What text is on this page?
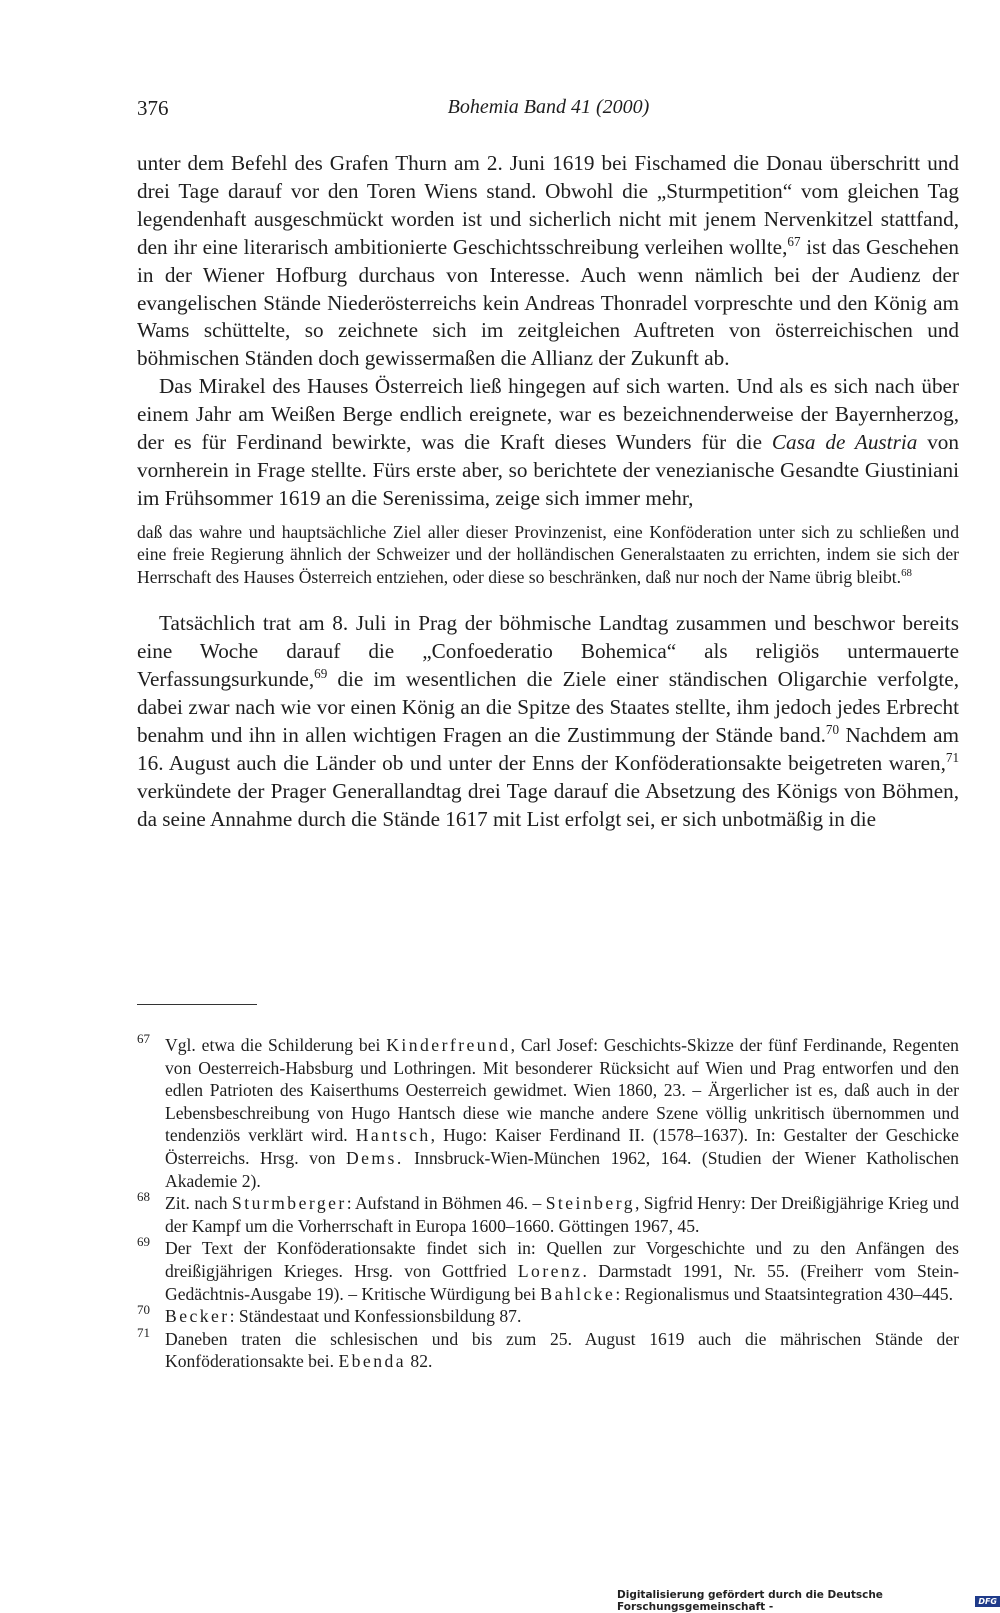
376	Bohemia Band 41 (2000)

unter dem Befehl des Grafen Thurn am 2. Juni 1619 bei Fischamed die Donau überschritt und drei Tage darauf vor den Toren Wiens stand. Obwohl die „Sturmpetition“ vom gleichen Tag legendenhaft ausgeschmückt worden ist und sicherlich nicht mit jenem Nervenkitzel stattfand, den ihr eine literarisch ambitionierte Geschichtsschreibung verleihen wollte,$^{67}$ ist das Geschehen in der Wiener Hofburg durchaus von Interesse. Auch wenn nämlich bei der Audienz der evangelischen Stände Niederösterreichs kein Andreas Thonradel vorpreschte und den König am Wams schüttelte, so zeichnete sich im zeitgleichen Auftreten von österreichischen und böhmischen Ständen doch gewissermaßen die Allianz der Zukunft ab.

Das Mirakel des Hauses Österreich ließ hingegen auf sich warten. Und als es sich nach über einem Jahr am Weißen Berge endlich ereignete, war es bezeichnenderweise der Bayernherzog, der es für Ferdinand bewirkte, was die Kraft dieses Wunders für die Casa de Austria von vornherein in Frage stellte. Fürs erste aber, so berichtete der venezianische Gesandte Giustiniani im Frühsommer 1619 an die Serenissima, zeige sich immer mehr,

daß das wahre und hauptsächliche Ziel aller dieser Provinzenist, eine Konföderation unter sich zu schließen und eine freie Regierung ähnlich der Schweizer und der holländischen Generalstaaten zu errichten, indem sie sich der Herrschaft des Hauses Österreich entziehen, oder diese so beschränken, daß nur noch der Name übrig bleibt.$^{68}$

Tatsächlich trat am 8. Juli in Prag der böhmische Landtag zusammen und beschwor bereits eine Woche darauf die „Confoederatio Bohemica“ als religiös untermauerte Verfassungsurkunde,$^{69}$ die im wesentlichen die Ziele einer ständischen Oligarchie verfolgte, dabei zwar nach wie vor einen König an die Spitze des Staates stellte, ihm jedoch jedes Erbrecht benahm und ihn in allen wichtigen Fragen an die Zustimmung der Stände band.$^{70}$ Nachdem am 16. August auch die Länder ob und unter der Enns der Konföderationsakte beigetreten waren,$^{71}$ verkündete der Prager Generallandtag drei Tage darauf die Absetzung des Königs von Böhmen, da seine Annahme durch die Stände 1617 mit List erfolgt sei, er sich unbotmäßig in die

67 Vgl. etwa die Schilderung bei Kinderfreund, Carl Josef: Geschichts-Skizze der fünf Ferdinande, Regenten von Oesterreich-Habsburg und Lothringen. Mit besonderer Rücksicht auf Wien und Prag entworfen und den edlen Patrioten des Kaiserthums Oesterreich gewidmet. Wien 1860, 23. – Ärgerlicher ist es, daß auch in der Lebensbeschreibung von Hugo Hantsch diese wie manche andere Szene völlig unkritisch übernommen und tendenziös verklärt wird. Hantsch, Hugo: Kaiser Ferdinand II. (1578–1637). In: Gestalter der Geschicke Österreichs. Hrsg. von Dems. Innsbruck-Wien-München 1962, 164. (Studien der Wiener Katholischen Akademie 2).

68 Zit. nach Sturmberger: Aufstand in Böhmen 46. – Steinberg, Sigfrid Henry: Der Dreißigjährige Krieg und der Kampf um die Vorherrschaft in Europa 1600–1660. Göttingen 1967, 45.

69 Der Text der Konföderationsakte findet sich in: Quellen zur Vorgeschichte und zu den Anfängen des dreißigjährigen Krieges. Hrsg. von Gottfried Lorenz. Darmstadt 1991, Nr. 55. (Freiherr vom Stein-Gedächtnis-Ausgabe 19). – Kritische Würdigung bei Bahlcke: Regionalismus und Staatsintegration 430–445.

70 Becker: Ständestaat und Konfessionsbildung 87.

71 Daneben traten die schlesischen und bis zum 25. August 1619 auch die mährischen Stände der Konföderationsakte bei. Ebenda 82.

Digitalisierung gefördert durch die Deutsche Forschungsgemeinschaft -	DFG
